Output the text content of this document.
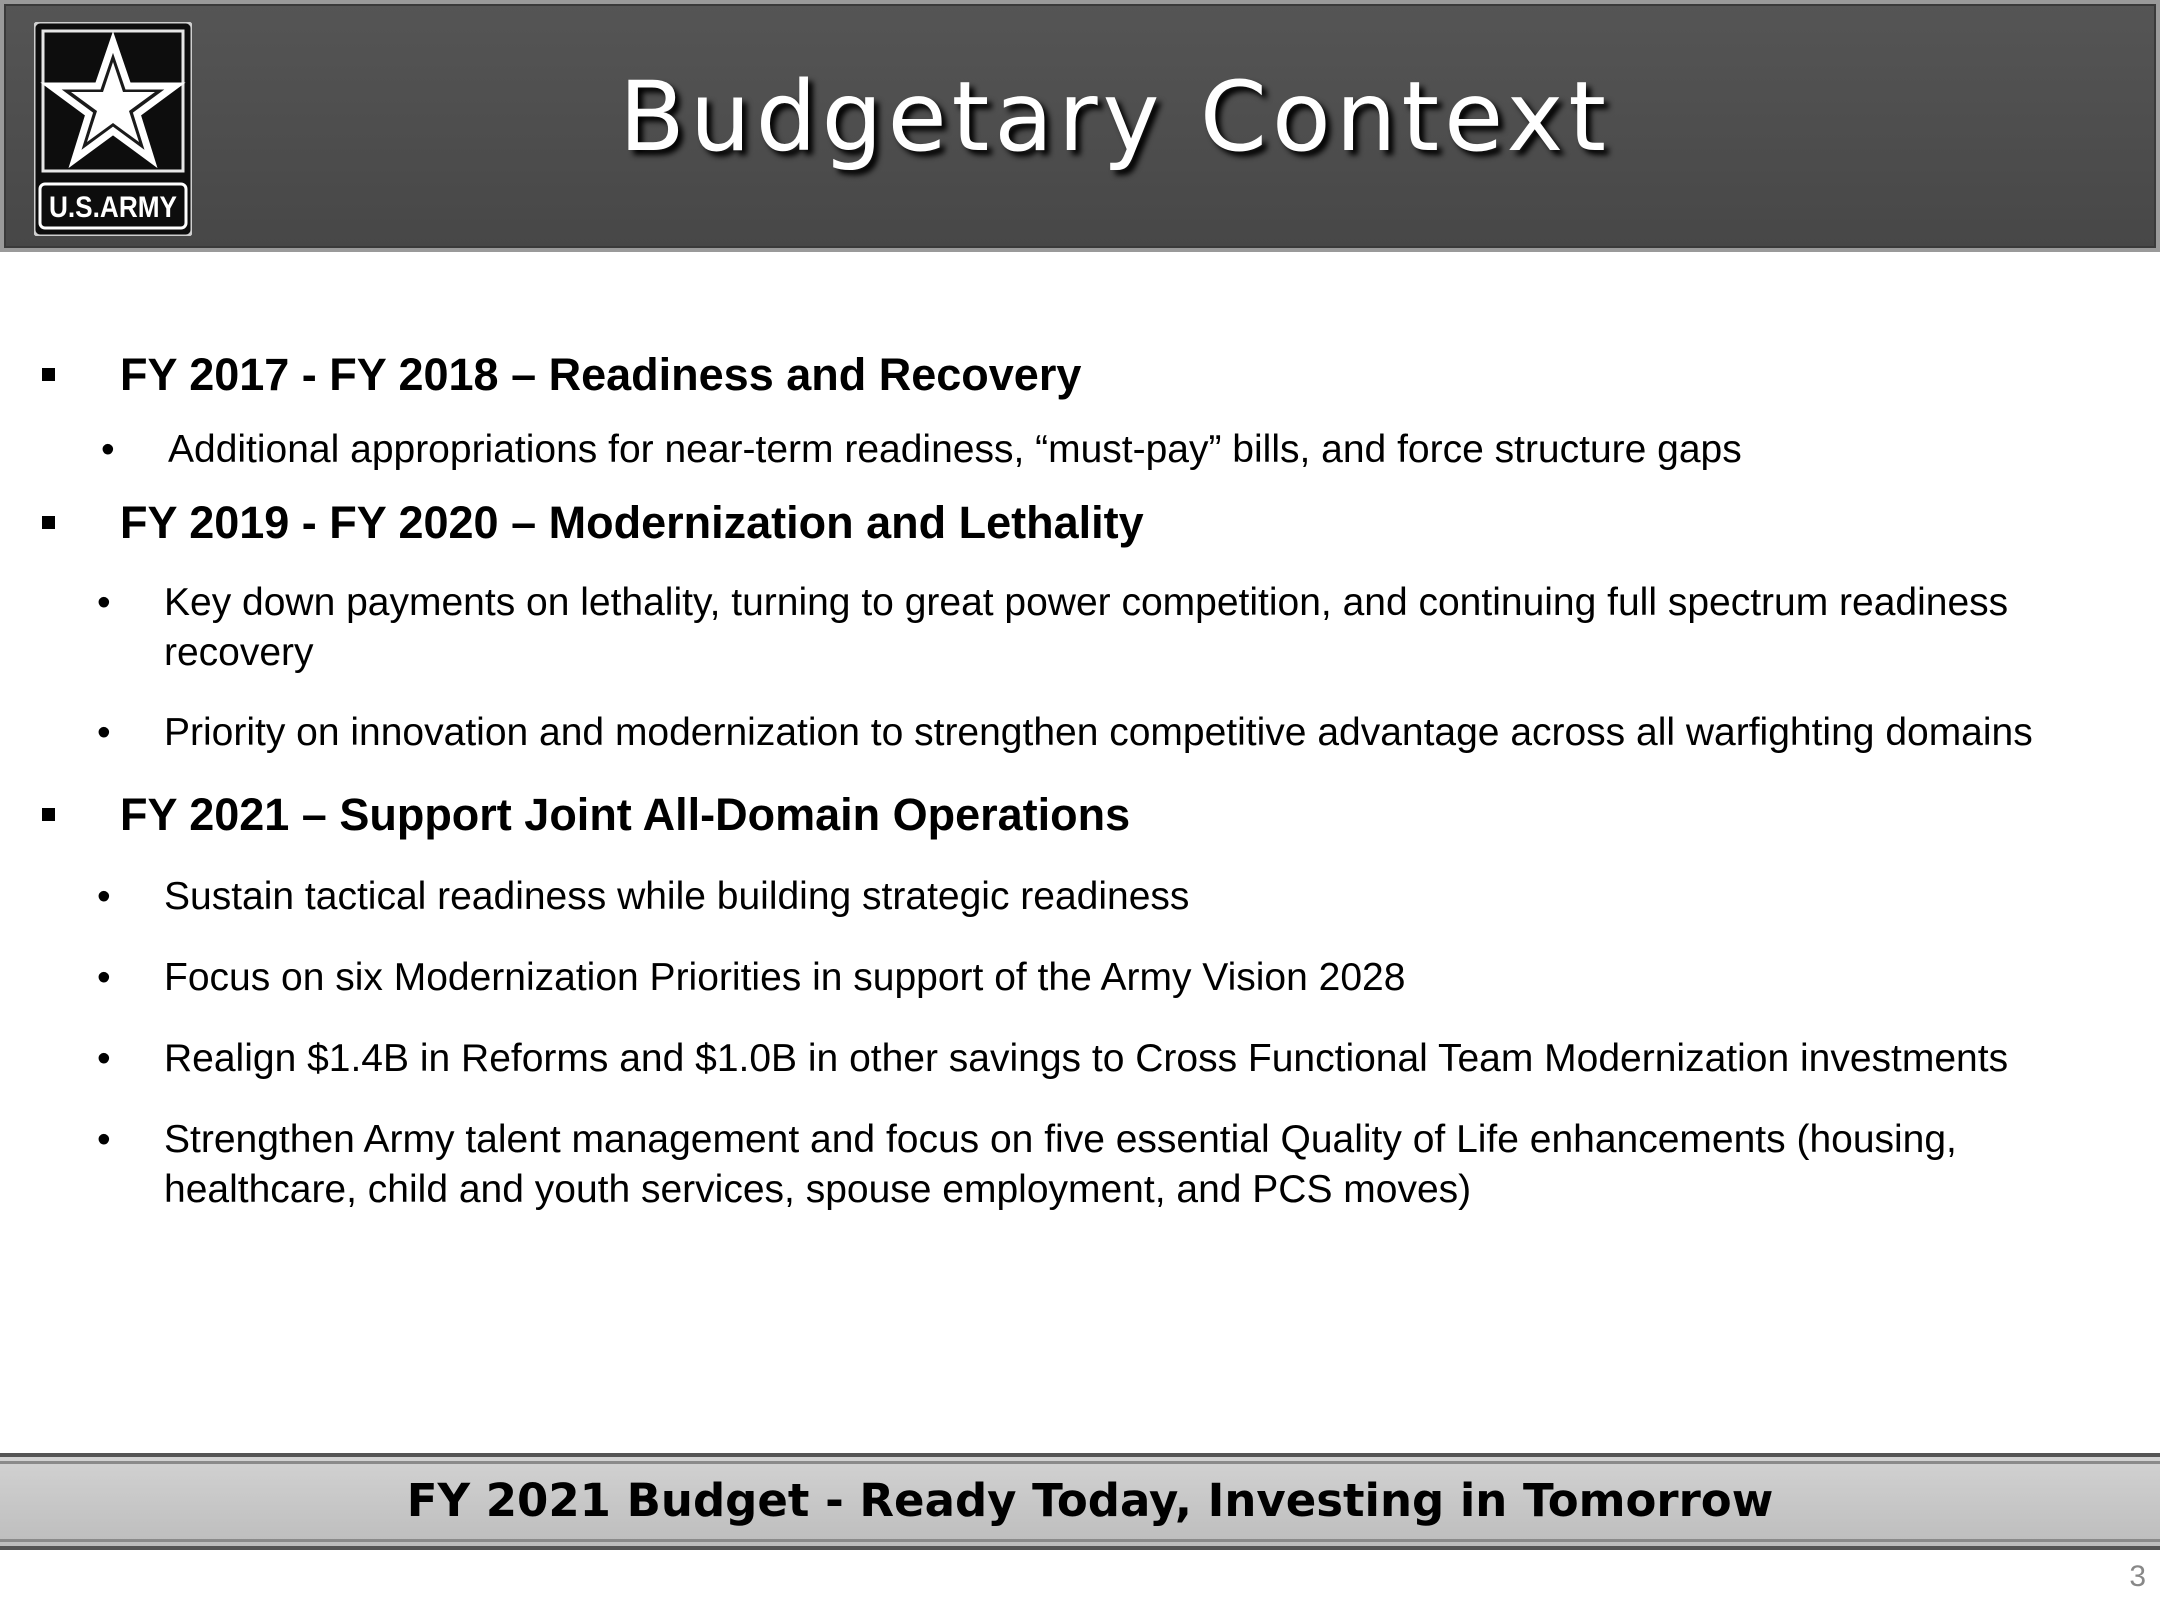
U.S.ARMY
Budgetary Context
FY 2017 - FY 2018 – Readiness and Recovery
• Additional appropriations for near-term readiness, “must-pay” bills, and force structure gaps
FY 2019 - FY 2020 – Modernization and Lethality
• Key down payments on lethality, turning to great power competition, and continuing full spectrum readiness recovery
• Priority on innovation and modernization to strengthen competitive advantage across all warfighting domains
FY 2021 – Support Joint All-Domain Operations
• Sustain tactical readiness while building strategic readiness
• Focus on six Modernization Priorities in support of the Army Vision 2028
• Realign $1.4B in Reforms and $1.0B in other savings to Cross Functional Team Modernization investments
• Strengthen Army talent management and focus on five essential Quality of Life enhancements (housing, healthcare, child and youth services, spouse employment, and PCS moves)
FY 2021 Budget - Ready Today, Investing in Tomorrow
3
